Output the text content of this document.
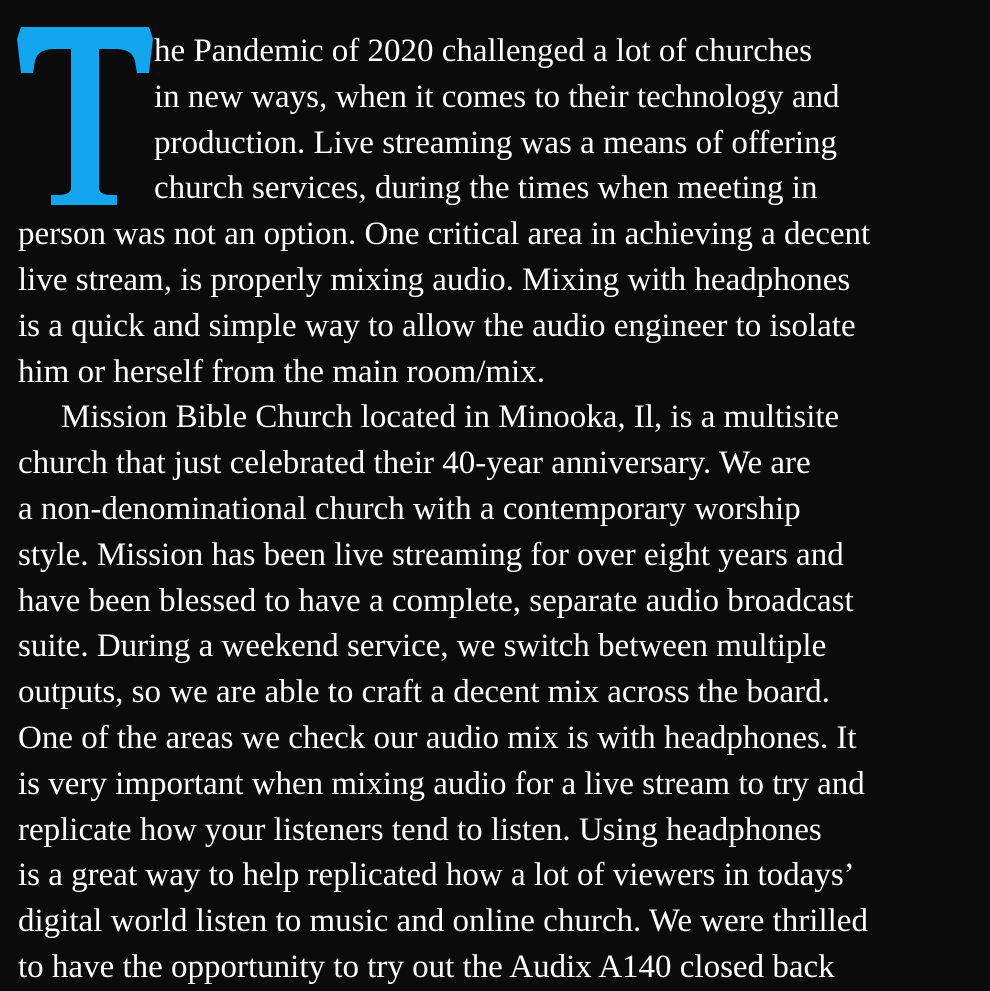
he Pandemic of 2020 challenged a lot of churches
in new ways, when it comes to their technology and
production. Live streaming was a means of offering
church services, during the times when meeting in
person was not an option. One critical area in achieving a decent
live stream, is properly mixing audio. Mixing with headphones
is a quick and simple way to allow the audio engineer to isolate
him or herself from the main room/mix.
Mission Bible Church located in Minooka, Il, is a multisite
church that just celebrated their 40-year anniversary. We are
a non-denominational church with a contemporary worship
style. Mission has been live streaming for over eight years and
have been blessed to have a complete, separate audio broadcast
suite. During a weekend service, we switch between multiple
outputs, so we are able to craft a decent mix across the board.
One of the areas we check our audio mix is with headphones. It
is very important when mixing audio for a live stream to try and
replicate how your listeners tend to listen. Using headphones
is a great way to help replicated how a lot of viewers in todays’
digital world listen to music and online church. We were thrilled
to have the opportunity to try out the Audix A140 closed back
